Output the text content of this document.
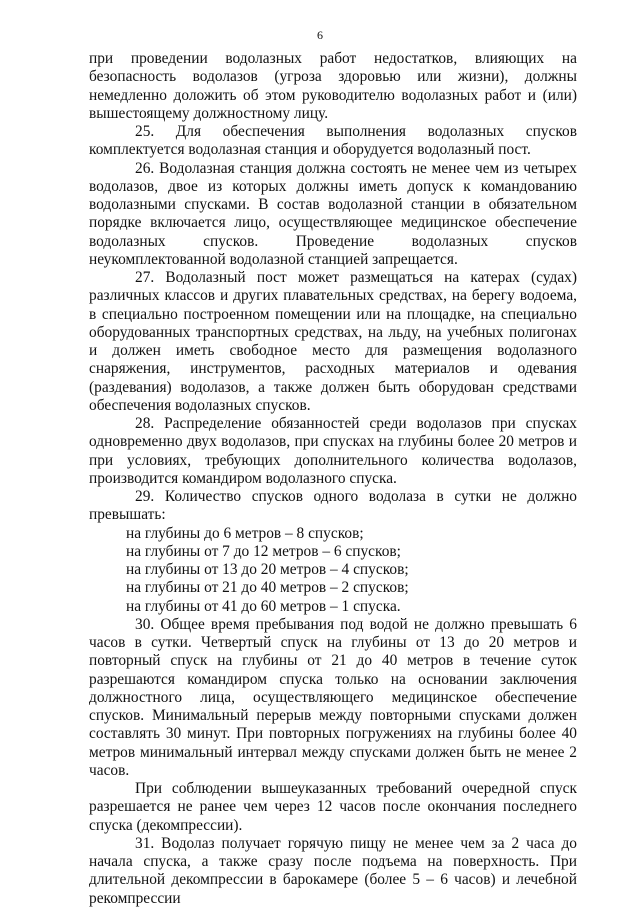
6

при проведении водолазных работ недостатков, влияющих на безопасность водолазов (угроза здоровью или жизни), должны немедленно доложить об этом руководителю водолазных работ и (или) вышестоящему должностному лицу.

25. Для обеспечения выполнения водолазных спусков комплектуется водолазная станция и оборудуется водолазный пост.

26. Водолазная станция должна состоять не менее чем из четырех водолазов, двое из которых должны иметь допуск к командованию водолазными спусками. В состав водолазной станции в обязательном порядке включается лицо, осуществляющее медицинское обеспечение водолазных спусков. Проведение водолазных спусков неукомплектованной водолазной станцией запрещается.

27. Водолазный пост может размещаться на катерах (судах) различных классов и других плавательных средствах, на берегу водоема, в специально построенном помещении или на площадке, на специально оборудованных транспортных средствах, на льду, на учебных полигонах и должен иметь свободное место для размещения водолазного снаряжения, инструментов, расходных материалов и одевания (раздевания) водолазов, а также должен быть оборудован средствами обеспечения водолазных спусков.

28. Распределение обязанностей среди водолазов при спусках одновременно двух водолазов, при спусках на глубины более 20 метров и при условиях, требующих дополнительного количества водолазов, производится командиром водолазного спуска.

29. Количество спусков одного водолаза в сутки не должно превышать:

на глубины до 6 метров – 8 спусков;
на глубины от 7 до 12 метров – 6 спусков;
на глубины от 13 до 20 метров – 4 спусков;
на глубины от 21 до 40 метров – 2 спусков;
на глубины от 41 до 60 метров – 1 спуска.

30. Общее время пребывания под водой не должно превышать 6 часов в сутки. Четвертый спуск на глубины от 13 до 20 метров и повторный спуск на глубины от 21 до 40 метров в течение суток разрешаются командиром спуска только на основании заключения должностного лица, осуществляющего медицинское обеспечение спусков. Минимальный перерыв между повторными спусками должен составлять 30 минут. При повторных погружениях на глубины более 40 метров минимальный интервал между спусками должен быть не менее 2 часов.

При соблюдении вышеуказанных требований очередной спуск разрешается не ранее чем через 12 часов после окончания последнего спуска (декомпрессии).

31. Водолаз получает горячую пищу не менее чем за 2 часа до начала спуска, а также сразу после подъема на поверхность. При длительной декомпрессии в барокамере (более 5 – 6 часов) и лечебной рекомпрессии
